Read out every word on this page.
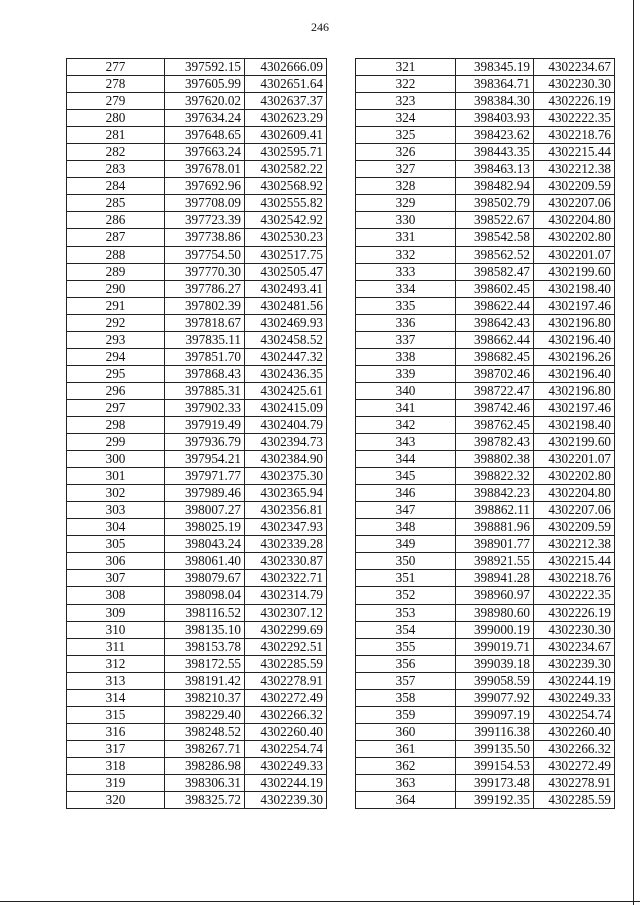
246
277	397592.15	4302666.09
278	397605.99	4302651.64
279	397620.02	4302637.37
280	397634.24	4302623.29
281	397648.65	4302609.41
282	397663.24	4302595.71
283	397678.01	4302582.22
284	397692.96	4302568.92
285	397708.09	4302555.82
286	397723.39	4302542.92
287	397738.86	4302530.23
288	397754.50	4302517.75
289	397770.30	4302505.47
290	397786.27	4302493.41
291	397802.39	4302481.56
292	397818.67	4302469.93
293	397835.11	4302458.52
294	397851.70	4302447.32
295	397868.43	4302436.35
296	397885.31	4302425.61
297	397902.33	4302415.09
298	397919.49	4302404.79
299	397936.79	4302394.73
300	397954.21	4302384.90
301	397971.77	4302375.30
302	397989.46	4302365.94
303	398007.27	4302356.81
304	398025.19	4302347.93
305	398043.24	4302339.28
306	398061.40	4302330.87
307	398079.67	4302322.71
308	398098.04	4302314.79
309	398116.52	4302307.12
310	398135.10	4302299.69
311	398153.78	4302292.51
312	398172.55	4302285.59
313	398191.42	4302278.91
314	398210.37	4302272.49
315	398229.40	4302266.32
316	398248.52	4302260.40
317	398267.71	4302254.74
318	398286.98	4302249.33
319	398306.31	4302244.19
320	398325.72	4302239.30
321	398345.19	4302234.67
322	398364.71	4302230.30
323	398384.30	4302226.19
324	398403.93	4302222.35
325	398423.62	4302218.76
326	398443.35	4302215.44
327	398463.13	4302212.38
328	398482.94	4302209.59
329	398502.79	4302207.06
330	398522.67	4302204.80
331	398542.58	4302202.80
332	398562.52	4302201.07
333	398582.47	4302199.60
334	398602.45	4302198.40
335	398622.44	4302197.46
336	398642.43	4302196.80
337	398662.44	4302196.40
338	398682.45	4302196.26
339	398702.46	4302196.40
340	398722.47	4302196.80
341	398742.46	4302197.46
342	398762.45	4302198.40
343	398782.43	4302199.60
344	398802.38	4302201.07
345	398822.32	4302202.80
346	398842.23	4302204.80
347	398862.11	4302207.06
348	398881.96	4302209.59
349	398901.77	4302212.38
350	398921.55	4302215.44
351	398941.28	4302218.76
352	398960.97	4302222.35
353	398980.60	4302226.19
354	399000.19	4302230.30
355	399019.71	4302234.67
356	399039.18	4302239.30
357	399058.59	4302244.19
358	399077.92	4302249.33
359	399097.19	4302254.74
360	399116.38	4302260.40
361	399135.50	4302266.32
362	399154.53	4302272.49
363	399173.48	4302278.91
364	399192.35	4302285.59
